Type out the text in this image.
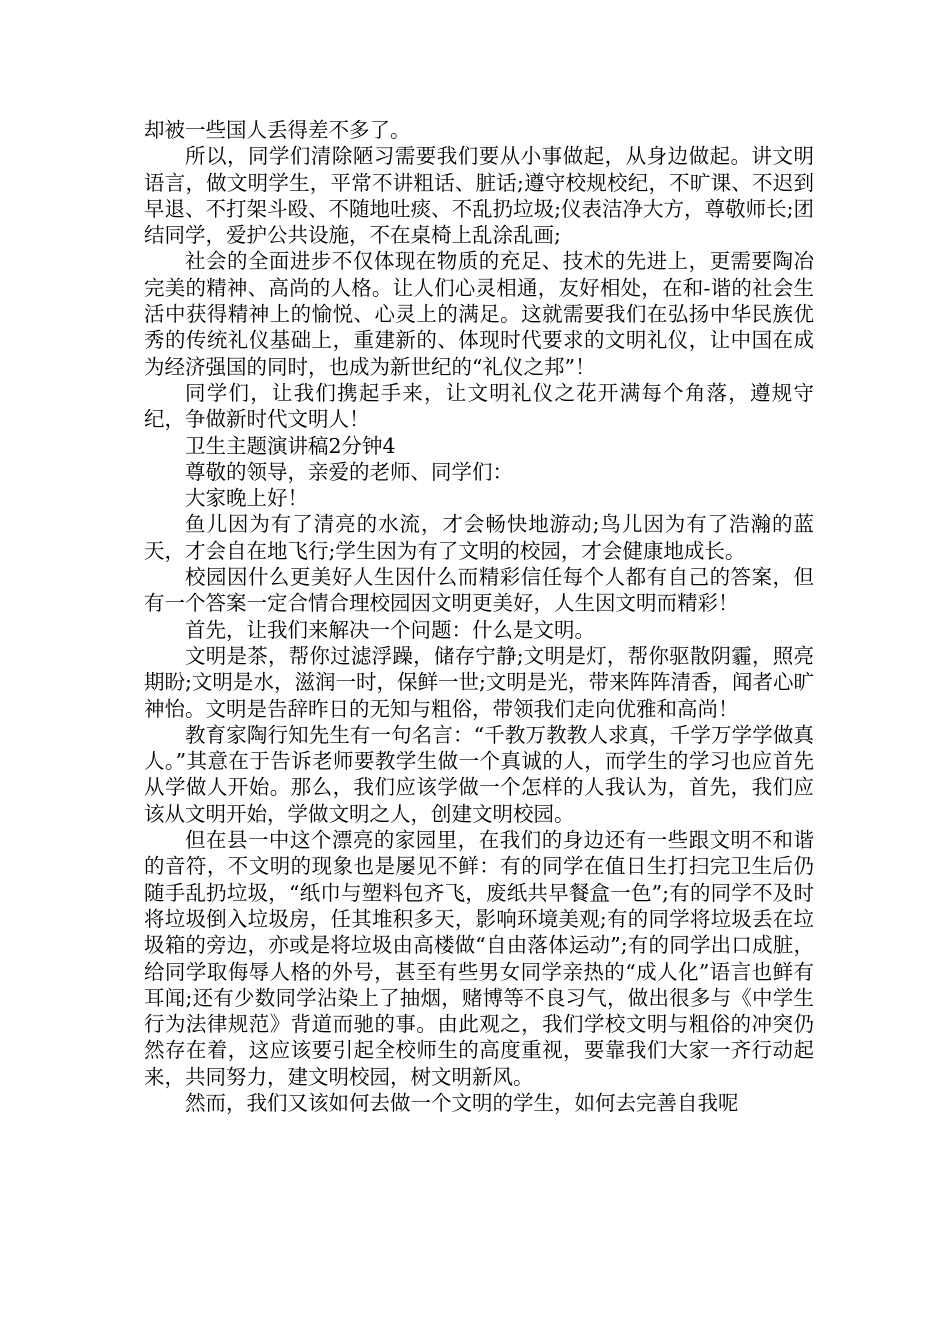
却被一些国人丢得差不多了。

所以，同学们清除陋习需要我们要从小事做起，从身边做起。讲文明语言，做文明学生，平常不讲粗话、脏话;遵守校规校纪，不旷课、不迟到早退、不打架斗殴、不随地吐痰、不乱扔垃圾;仪表洁净大方，尊敬师长;团结同学，爱护公共设施，不在桌椅上乱涂乱画;

社会的全面进步不仅体现在物质的充足、技术的先进上，更需要陶冶完美的精神、高尚的人格。让人们心灵相通，友好相处，在和-谐的社会生活中获得精神上的愉悦、心灵上的满足。这就需要我们在弘扬中华民族优秀的传统礼仪基础上，重建新的、体现时代要求的文明礼仪，让中国在成为经济强国的同时，也成为新世纪的“礼仪之邦”！

同学们，让我们携起手来，让文明礼仪之花开满每个角落，遵规守纪，争做新时代文明人！

卫生主题演讲稿2分钟4

尊敬的领导，亲爱的老师、同学们：

大家晚上好！

鱼儿因为有了清亮的水流，才会畅快地游动;鸟儿因为有了浩瀚的蓝天，才会自在地飞行;学生因为有了文明的校园，才会健康地成长。

校园因什么更美好人生因什么而精彩信任每个人都有自己的答案，但有一个答案一定合情合理校园因文明更美好，人生因文明而精彩！

首先，让我们来解决一个问题：什么是文明。

文明是茶，帮你过滤浮躁，储存宁静;文明是灯，帮你驱散阴霾，照亮期盼;文明是水，滋润一时，保鲜一世;文明是光，带来阵阵清香，闻者心旷神怡。文明是告辞昨日的无知与粗俗，带领我们走向优雅和高尚！

教育家陶行知先生有一句名言：“千教万教教人求真，千学万学学做真人。”其意在于告诉老师要教学生做一个真诚的人，而学生的学习也应首先从学做人开始。那么，我们应该学做一个怎样的人我认为，首先，我们应该从文明开始，学做文明之人，创建文明校园。

但在县一中这个漂亮的家园里，在我们的身边还有一些跟文明不和谐的音符，不文明的现象也是屡见不鲜：有的同学在值日生打扫完卫生后仍随手乱扔垃圾，“纸巾与塑料包齐飞，废纸共早餐盒一色”;有的同学不及时将垃圾倒入垃圾房，任其堆积多天，影响环境美观;有的同学将垃圾丢在垃圾箱的旁边，亦或是将垃圾由高楼做“自由落体运动”;有的同学出口成脏，给同学取侮辱人格的外号，甚至有些男女同学亲热的“成人化”语言也鲜有耳闻;还有少数同学沾染上了抽烟，赌博等不良习气，做出很多与《中学生行为法律规范》背道而驰的事。由此观之，我们学校文明与粗俗的冲突仍然存在着，这应该要引起全校师生的高度重视，要靠我们大家一齐行动起来，共同努力，建文明校园，树文明新风。

然而，我们又该如何去做一个文明的学生，如何去完善自我呢
